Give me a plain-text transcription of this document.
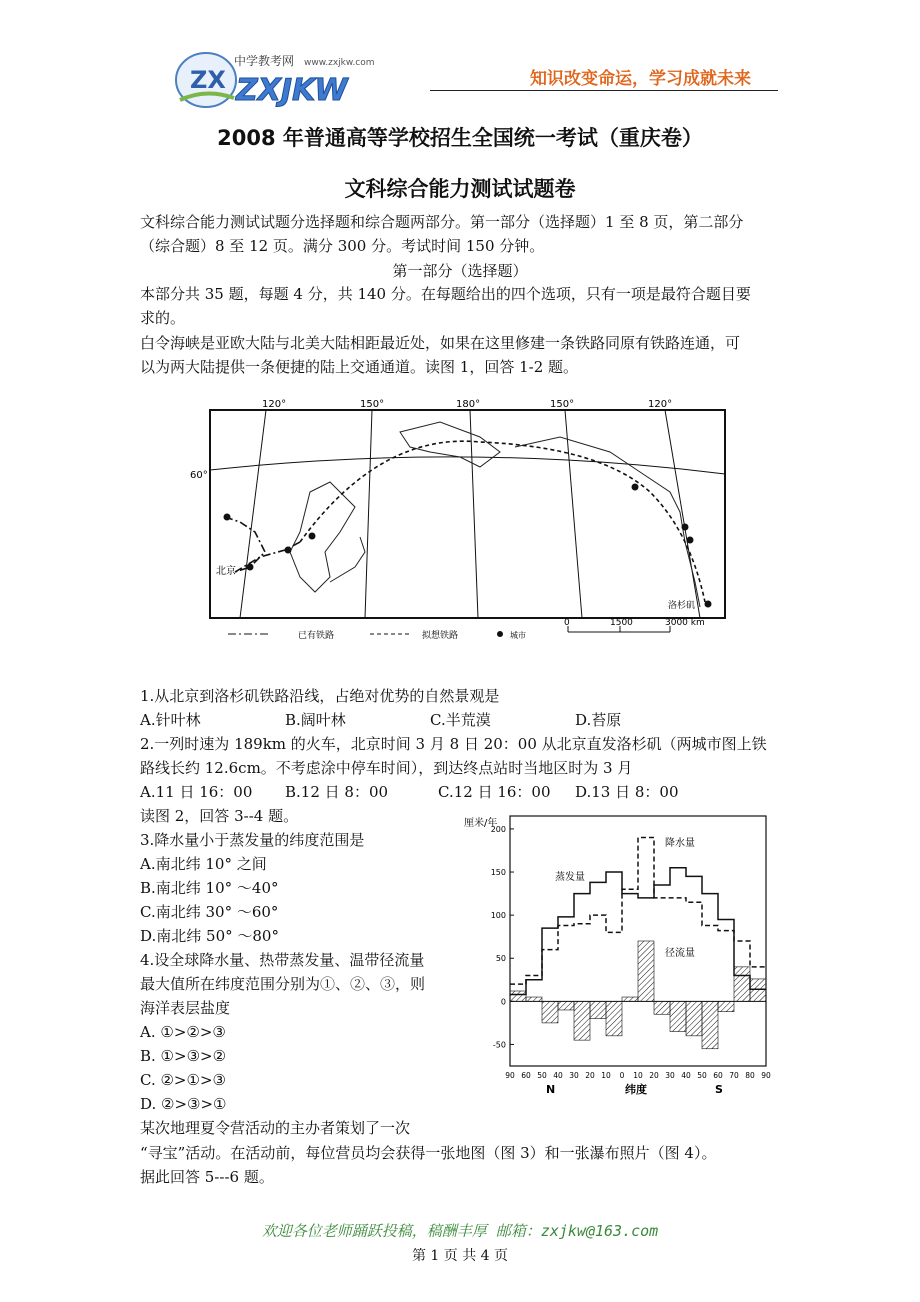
ZX
中学教考网 www.zxjkw.com
ZXJKW	知识改变命运，学习成就未来
2008 年普通高等学校招生全国统一考试（重庆卷）
文科综合能力测试试题卷
文科综合能力测试试题分选择题和综合题两部分。第一部分（选择题）1 至 8 页，第二部分
（综合题）8 至 12 页。满分 300 分。考试时间 150 分钟。
第一部分（选择题）
本部分共 35 题，每题 4 分，共 140 分。在每题给出的四个选项，只有一项是最符合题目要
求的。
白令海峡是亚欧大陆与北美大陆相距最近处，如果在这里修建一条铁路同原有铁路连通，可
以为两大陆提供一条便捷的陆上交通通道。读图 1，回答 1-2 题。
120°	150°	180°	150°	120°
60°
北京
洛杉矶
已有铁路	拟想铁路	城市
0	1500	3000 km
1.从北京到洛杉矶铁路沿线，占绝对优势的自然景观是
A.针叶林	B.阔叶林	C.半荒漠	D.苔原
2.一列时速为 189km 的火车，北京时间 3 月 8 日 20：00 从北京直发洛杉矶（两城市图上铁
路线长约 12.6cm。不考虑涂中停车时间），到达终点站时当地区时为 3 月
A.11 日 16：00 B.12 日 8：00	C.12 日 16：00 D.13 日 8：00
读图 2，回答 3--4 题。
3.降水量小于蒸发量的纬度范围是
A.南北纬 10° 之间
B.南北纬 10° ～40°
C.南北纬 30° ～60°
D.南北纬 50° ～80°
4.设全球降水量、热带蒸发量、温带径流量
最大值所在纬度范围分别为①、②、③，则
海洋表层盐度
A. ①>②>③
B. ①>③>②
C. ②>①>③
D. ②>③>①
某次地理夏令营活动的主办者策划了一次
“寻宝”活动。在活动前，每位营员均会获得一张地图（图 3）和一张瀑布照片（图 4）。
据此回答 5---6 题。
厘米/年
200
150
100
50
0
-50
90 60 50 40 30 20 10 0 10 20 30 40 50 60 70 80 90
降水量
蒸发量
径流量
N	纬度	S
欢迎各位老师踊跃投稿，稿酬丰厚 邮箱：zxjkw@163.com
第 1 页 共 4 页
